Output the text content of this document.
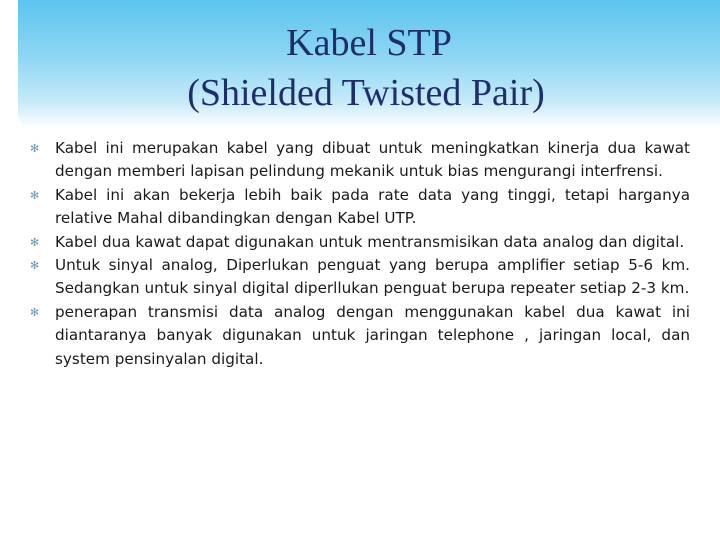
Kabel STP
(Shielded Twisted Pair)
✻ Kabel ini merupakan kabel yang dibuat untuk meningkatkan kinerja dua kawat dengan memberi lapisan pelindung mekanik untuk bias mengurangi interfrensi.
✻ Kabel ini akan bekerja lebih baik pada rate data yang tinggi, tetapi harganya relative Mahal dibandingkan dengan Kabel UTP.
✻ Kabel dua kawat dapat digunakan untuk mentransmisikan data analog dan digital.
✻ Untuk sinyal analog, Diperlukan penguat yang berupa amplifier setiap 5-6 km. Sedangkan untuk sinyal digital diperllukan penguat berupa repeater setiap 2-3 km.
✻ penerapan transmisi data analog dengan menggunakan kabel dua kawat ini diantaranya banyak digunakan untuk jaringan telephone , jaringan local, dan system pensinyalan digital.
